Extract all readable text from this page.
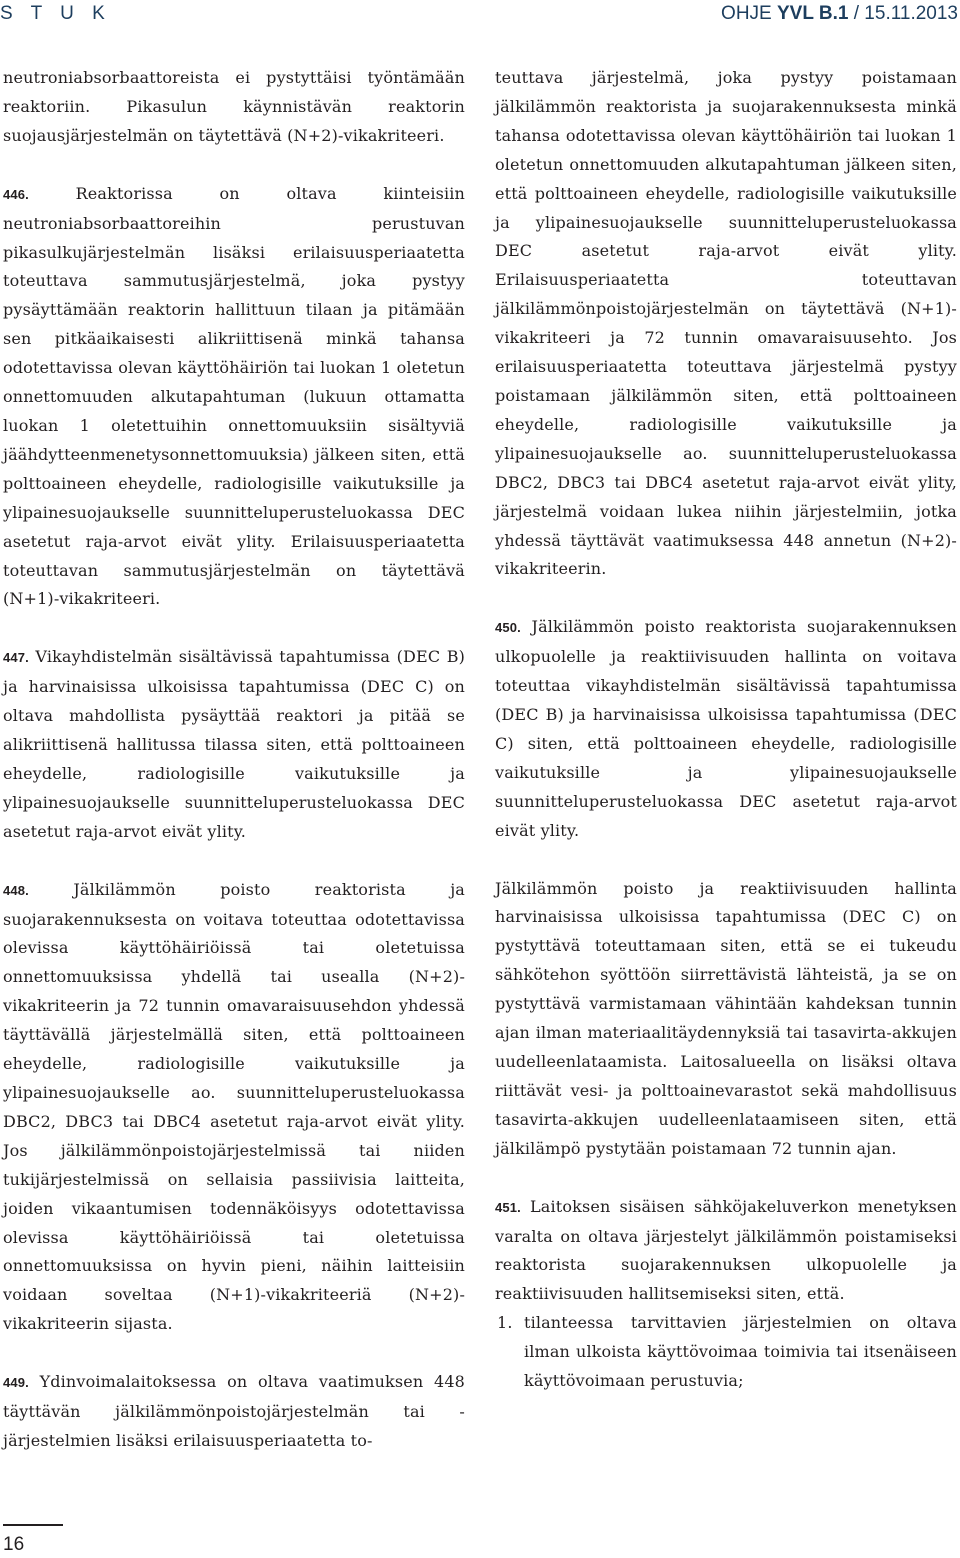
S T U K	OHJE YVL B.1 / 15.11.2013

neutroniabsorbaattoreista ei pystyttäisi työntämään reaktoriin. Pikasulun käynnistävän reaktorin suojausjärjestelmän on täytettävä (N+2)-vikakriteeri.

446. Reaktorissa on oltava kiinteisiin neutroniabsorbaattoreihin perustuvan pikasulkujärjestelmän lisäksi erilaisuusperiaatetta toteuttava sammutusjärjestelmä, joka pystyy pysäyttämään reaktorin hallittuun tilaan ja pitämään sen pitkäaikaisesti alikriittisenä minkä tahansa odotettavissa olevan käyttöhäiriön tai luokan 1 oletetun onnettomuuden alkutapahtuman (lukuun ottamatta luokan 1 oletettuihin onnettomuuksiin sisältyviä jäähdytteenmenetysonnettomuuksia) jälkeen siten, että polttoaineen eheydelle, radiologisille vaikutuksille ja ylipainesuojaukselle suunnitteluperusteluokassa DEC asetetut raja-arvot eivät ylity. Erilaisuusperiaatetta toteuttavan sammutusjärjestelmän on täytettävä (N+1)-vikakriteeri.

447. Vikayhdistelmän sisältävissä tapahtumissa (DEC B) ja harvinaisissa ulkoisissa tapahtumissa (DEC C) on oltava mahdollista pysäyttää reaktori ja pitää se alikriittisenä hallitussa tilassa siten, että polttoaineen eheydelle, radiologisille vaikutuksille ja ylipainesuojaukselle suunnitteluperusteluokassa DEC asetetut raja-arvot eivät ylity.

448. Jälkilämmön poisto reaktorista ja suojarakennuksesta on voitava toteuttaa odotettavissa olevissa käyttöhäiriöissä tai oletetuissa onnettomuuksissa yhdellä tai usealla (N+2)-vikakriteerin ja 72 tunnin omavaraisuusehdon yhdessä täyttävällä järjestelmällä siten, että polttoaineen eheydelle, radiologisille vaikutuksille ja ylipainesuojaukselle ao. suunnitteluperusteluokassa DBC2, DBC3 tai DBC4 asetetut raja-arvot eivät ylity. Jos jälkilämmönpoistojärjestelmissä tai niiden tukijärjestelmissä on sellaisia passiivisia laitteita, joiden vikaantumisen todennäköisyys odotettavissa olevissa käyttöhäiriöissä tai oletetuissa onnettomuuksissa on hyvin pieni, näihin laitteisiin voidaan soveltaa (N+1)-vikakriteeriä (N+2)-vikakriteerin sijasta.

449. Ydinvoimalaitoksessa on oltava vaatimuksen 448 täyttävän jälkilämmönpoistojärjestelmän tai -järjestelmien lisäksi erilaisuusperiaatetta to-

teuttava järjestelmä, joka pystyy poistamaan jälkilämmön reaktorista ja suojarakennuksesta minkä tahansa odotettavissa olevan käyttöhäiriön tai luokan 1 oletetun onnettomuuden alkutapahtuman jälkeen siten, että polttoaineen eheydelle, radiologisille vaikutuksille ja ylipainesuojaukselle suunnitteluperusteluokassa DEC asetetut raja-arvot eivät ylity. Erilaisuusperiaatetta toteuttavan jälkilämmönpoistojärjestelmän on täytettävä (N+1)-vikakriteeri ja 72 tunnin omavaraisuusehto. Jos erilaisuusperiaatetta toteuttava järjestelmä pystyy poistamaan jälkilämmön siten, että polttoaineen eheydelle, radiologisille vaikutuksille ja ylipainesuojaukselle ao. suunnitteluperusteluokassa DBC2, DBC3 tai DBC4 asetetut raja-arvot eivät ylity, järjestelmä voidaan lukea niihin järjestelmiin, jotka yhdessä täyttävät vaatimuksessa 448 annetun (N+2)-vikakriteerin.

450. Jälkilämmön poisto reaktorista suojarakennuksen ulkopuolelle ja reaktiivisuuden hallinta on voitava toteuttaa vikayhdistelmän sisältävissä tapahtumissa (DEC B) ja harvinaisissa ulkoisissa tapahtumissa (DEC C) siten, että polttoaineen eheydelle, radiologisille vaikutuksille ja ylipainesuojaukselle suunnitteluperusteluokassa DEC asetetut raja-arvot eivät ylity.

Jälkilämmön poisto ja reaktiivisuuden hallinta harvinaisissa ulkoisissa tapahtumissa (DEC C) on pystyttävä toteuttamaan siten, että se ei tukeudu sähkötehon syöttöön siirrettävistä lähteistä, ja se on pystyttävä varmistamaan vähintään kahdeksan tunnin ajan ilman materiaalitäydennyksiä tai tasavirta-akkujen uudelleenlataamista. Laitosalueella on lisäksi oltava riittävät vesi- ja polttoainevarastot sekä mahdollisuus tasavirta-akkujen uudelleenlataamiseen siten, että jälkilämpö pystytään poistamaan 72 tunnin ajan.

451. Laitoksen sisäisen sähköjakeluverkon menetyksen varalta on oltava järjestelyt jälkilämmön poistamiseksi reaktorista suojarakennuksen ulkopuolelle ja reaktiivisuuden hallitsemiseksi siten, että.

1. tilanteessa tarvittavien järjestelmien on oltava ilman ulkoista käyttövoimaa toimivia tai itsenäiseen käyttövoimaan perustuvia;
16
